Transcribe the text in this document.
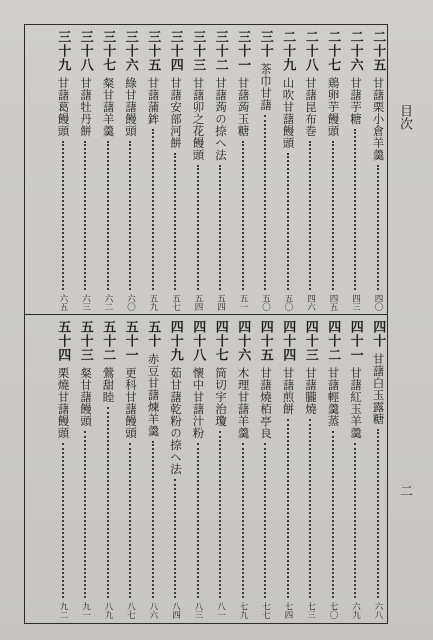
二十五
甘藷栗小倉羊羹
四〇
二十六
甘藷芋糖
四三
二十七
鶏卵芋饅頭
四五
二十八
甘藷昆布巻
四六
二十九
山吹甘藷饅頭
五〇
三十
茶巾甘藷
五〇
三十一
甘藷蒟玉糖
五一
三十二
甘藷蒟の捺へ法
五四
三十三
甘藷卯之花饅頭
五四
三十四
甘藷安部河餅
五七
三十五
甘藷蒲鉾
五九
三十六
綠甘藷饅頭
六〇
三十七
粲甘藷羊羹
六二
三十八
甘藷牡丹餅
六三
三十九
甘藷葛饅頭
六五
四十
甘藷白玉露糖
六八
四十一
甘藷紅玉羊羹
六九
四十二
甘藷輕羹蒸
七〇
四十三
甘藷朧燒
七三
四十四
甘藷煎餅
七四
四十五
甘藷燒栢亭良
七七
四十六
木理甘藷羊羹
七九
四十七
筒切宇治瓊
八一
四十八
懷中甘藷汁粉
八三
四十九
茹甘藷乾粉の捺へ法
八四
五十
赤豆甘藷煉羊羹
八六
五十一
更科甘藷饅頭
八七
五十二
鶯甜睦
八九
五十三
粲甘藷饅頭
九一
五十四
栗燒甘藷饅頭
九二
目次
二
